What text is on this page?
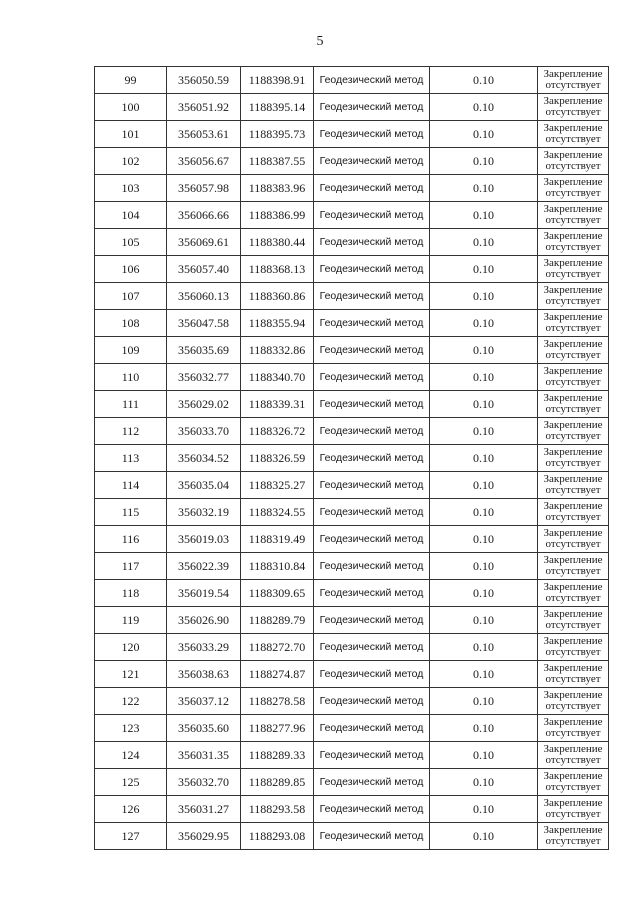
5
99	356050.59	1188398.91	Геодезический метод	0.10	Закрепление
отсутствует

100	356051.92	1188395.14	Геодезический метод	0.10	Закрепление
отсутствует

101	356053.61	1188395.73	Геодезический метод	0.10	Закрепление
отсутствует

102	356056.67	1188387.55	Геодезический метод	0.10	Закрепление
отсутствует

103	356057.98	1188383.96	Геодезический метод	0.10	Закрепление
отсутствует

104	356066.66	1188386.99	Геодезический метод	0.10	Закрепление
отсутствует

105	356069.61	1188380.44	Геодезический метод	0.10	Закрепление
отсутствует

106	356057.40	1188368.13	Геодезический метод	0.10	Закрепление
отсутствует

107	356060.13	1188360.86	Геодезический метод	0.10	Закрепление
отсутствует

108	356047.58	1188355.94	Геодезический метод	0.10	Закрепление
отсутствует

109	356035.69	1188332.86	Геодезический метод	0.10	Закрепление
отсутствует

110	356032.77	1188340.70	Геодезический метод	0.10	Закрепление
отсутствует

111	356029.02	1188339.31	Геодезический метод	0.10	Закрепление
отсутствует

112	356033.70	1188326.72	Геодезический метод	0.10	Закрепление
отсутствует

113	356034.52	1188326.59	Геодезический метод	0.10	Закрепление
отсутствует

114	356035.04	1188325.27	Геодезический метод	0.10	Закрепление
отсутствует

115	356032.19	1188324.55	Геодезический метод	0.10	Закрепление
отсутствует

116	356019.03	1188319.49	Геодезический метод	0.10	Закрепление
отсутствует

117	356022.39	1188310.84	Геодезический метод	0.10	Закрепление
отсутствует

118	356019.54	1188309.65	Геодезический метод	0.10	Закрепление
отсутствует

119	356026.90	1188289.79	Геодезический метод	0.10	Закрепление
отсутствует

120	356033.29	1188272.70	Геодезический метод	0.10	Закрепление
отсутствует

121	356038.63	1188274.87	Геодезический метод	0.10	Закрепление
отсутствует

122	356037.12	1188278.58	Геодезический метод	0.10	Закрепление
отсутствует

123	356035.60	1188277.96	Геодезический метод	0.10	Закрепление
отсутствует

124	356031.35	1188289.33	Геодезический метод	0.10	Закрепление
отсутствует

125	356032.70	1188289.85	Геодезический метод	0.10	Закрепление
отсутствует

126	356031.27	1188293.58	Геодезический метод	0.10	Закрепление
отсутствует

127	356029.95	1188293.08	Геодезический метод	0.10	Закрепление
отсутствует
